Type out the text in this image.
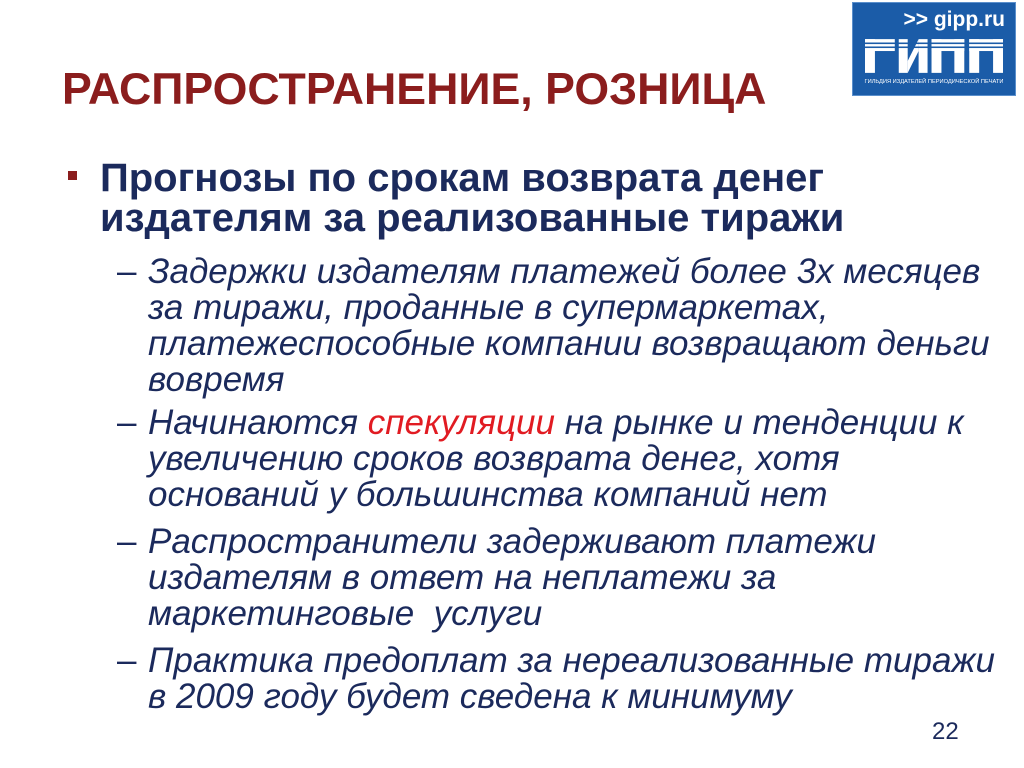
РАСПРОСТРАНЕНИЕ, РОЗНИЦА
>> gipp.ru
ГИЛЬДИЯ ИЗДАТЕЛЕЙ ПЕРИОДИЧЕСКОЙ ПЕЧАТИ
Прогнозы по срокам возврата денег
издателям за реализованные тиражи
– Задержки издателям платежей более 3х месяцев
за тиражи, проданные в супермаркетах,
платежеспособные компании возвращают деньги
вовремя
– Начинаются спекуляции на рынке и тенденции к
увеличению сроков возврата денег, хотя
оснований у большинства компаний нет
– Распространители задерживают платежи
издателям в ответ на неплатежи за
маркетинговые  услуги
– Практика предоплат за нереализованные тиражи
в 2009 году будет сведена к минимуму
22
